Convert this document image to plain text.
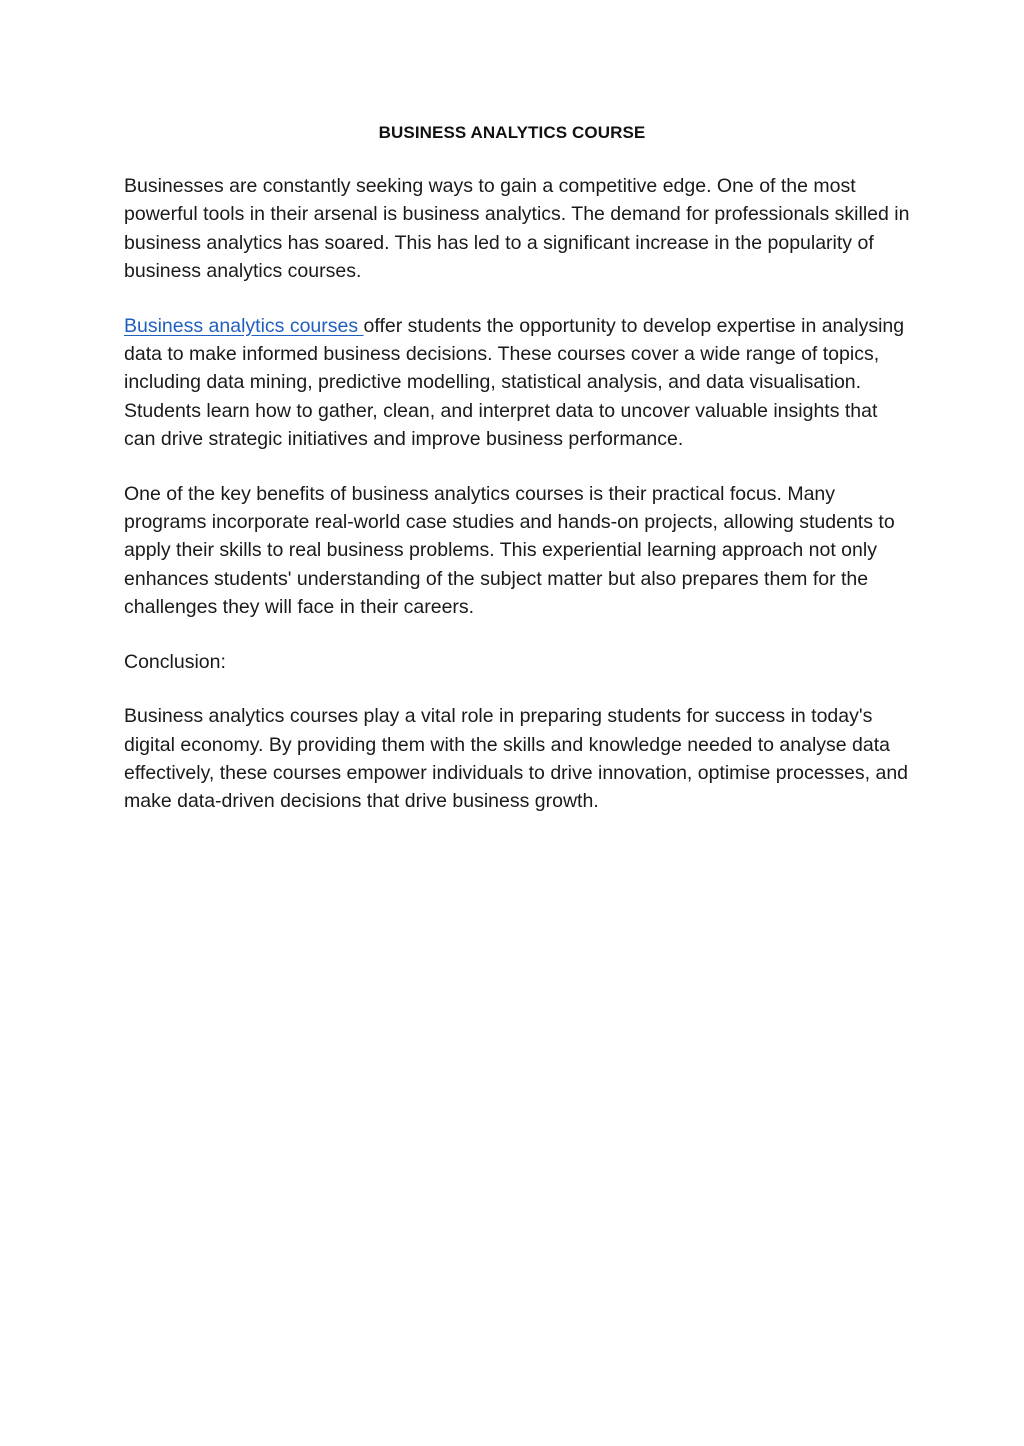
BUSINESS ANALYTICS COURSE

Businesses are constantly seeking ways to gain a competitive edge. One of the most powerful tools in their arsenal is business analytics. The demand for professionals skilled in business analytics has soared. This has led to a significant increase in the popularity of business analytics courses.

Business analytics courses offer students the opportunity to develop expertise in analysing data to make informed business decisions. These courses cover a wide range of topics, including data mining, predictive modelling, statistical analysis, and data visualisation. Students learn how to gather, clean, and interpret data to uncover valuable insights that can drive strategic initiatives and improve business performance.

One of the key benefits of business analytics courses is their practical focus. Many programs incorporate real-world case studies and hands-on projects, allowing students to apply their skills to real business problems. This experiential learning approach not only enhances students' understanding of the subject matter but also prepares them for the challenges they will face in their careers.

Conclusion:

Business analytics courses play a vital role in preparing students for success in today's digital economy. By providing them with the skills and knowledge needed to analyse data effectively, these courses empower individuals to drive innovation, optimise processes, and make data-driven decisions that drive business growth.
